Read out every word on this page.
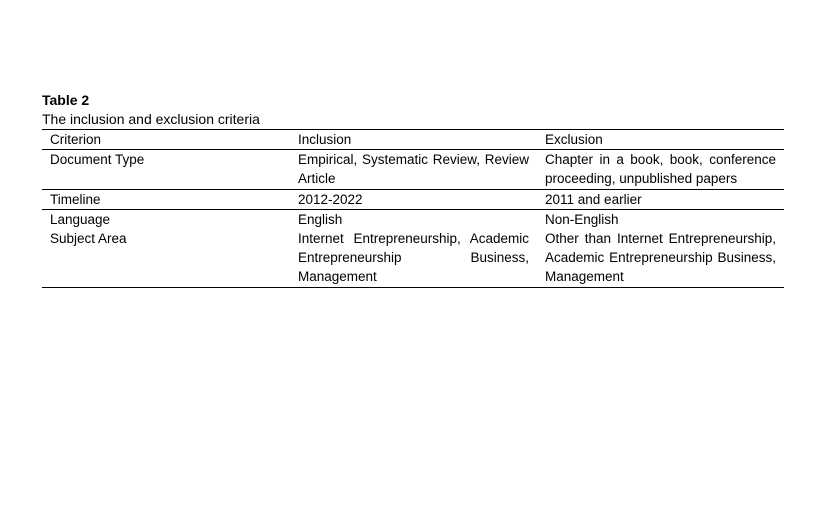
Table 2

The inclusion and exclusion criteria

Criterion	Inclusion	Exclusion
Document Type	Empirical, Systematic Review, Review Article	Chapter in a book, book, conference proceeding, unpublished papers
Timeline	2012-2022	2011 and earlier
Language	English	Non-English
Subject Area	Internet Entrepreneurship, Academic Entrepreneurship Business, Management	Other than Internet Entrepreneurship, Academic Entrepreneurship Business, Management
